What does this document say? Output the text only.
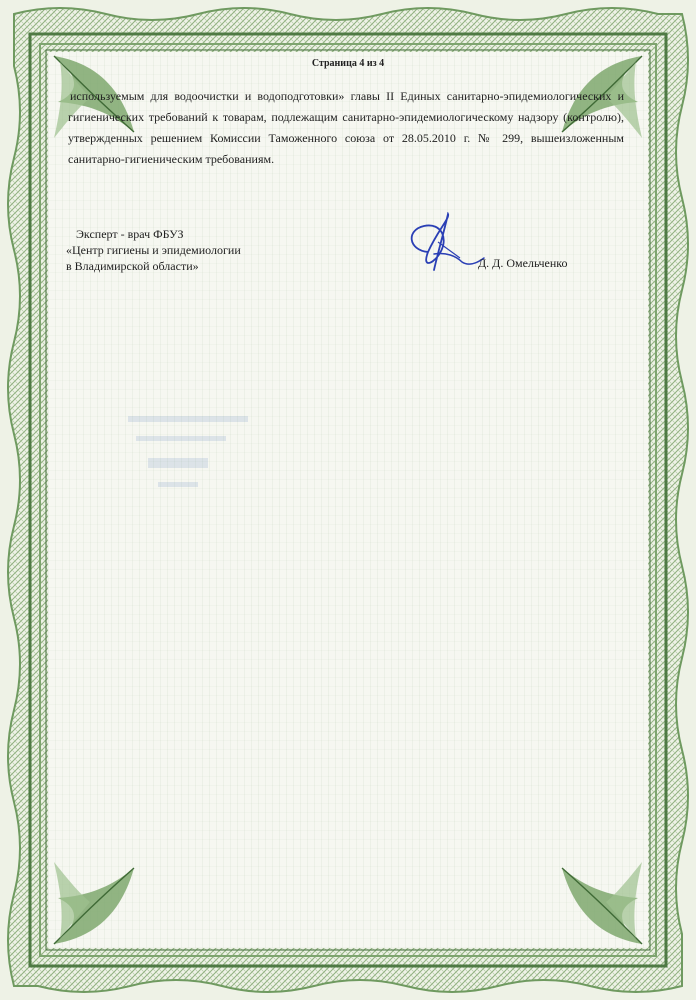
Страница 4 из 4

используемым для водоочистки и водоподготовки» главы II Единых санитарно-эпидемиологических и гигиенических требований к товарам, подлежащим санитарно-эпидемиологическому надзору (контролю), утвержденных решением Комиссии Таможенного союза от 28.05.2010 г. № 299, вышеизложенным санитарно-гигиеническим требованиям.

Эксперт - врач ФБУЗ
«Центр гигиены и эпидемиологии
в Владимирской области»	Д. Д. Омельченко
